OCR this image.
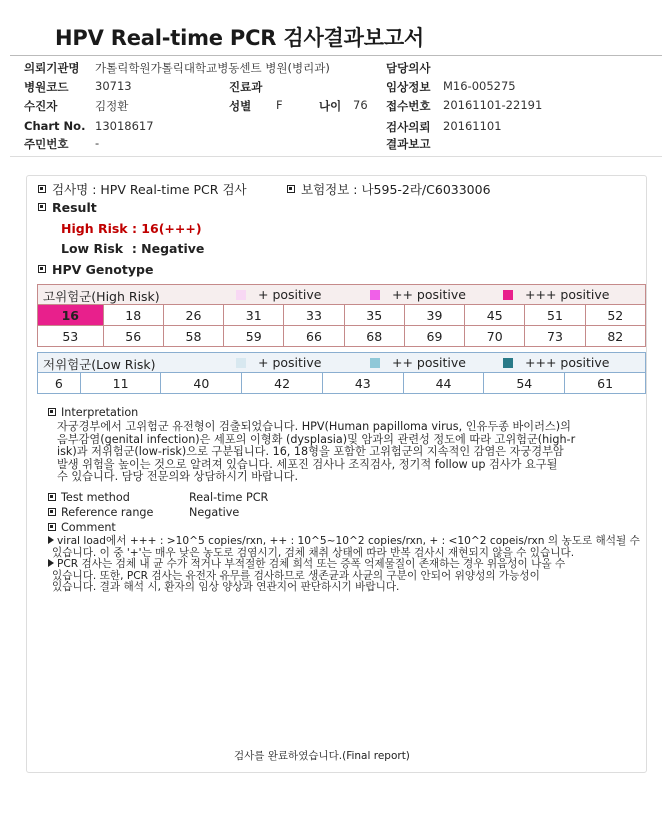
HPV Real-time PCR 검사결과보고서
의뢰기관명 가톨릭학원가톨릭대학교병동센트 병원(병리과)	담당의사
병원코드 30713	진료과	임상정보 M16-005275
수진자	김정환	성별 F	나이 76 접수번호 20161101-22191
Chart No. 13018617	검사의뢰 20161101
주민번호 -	결과보고
검사명 : HPV Real-time PCR 검사	보험정보 : 나595-2라/C6033006
Result
High Risk : 16(+++)
Low Risk  : Negative
HPV Genotype
고위험군(High Risk)	+ positive	++ positive	+++ positive
16	18	26	31	33	35	39	45	51	52
53	56	58	59	66	68	69	70	73	82
저위험군(Low Risk)	+ positive	++ positive	+++ positive
6	11	40	42	43	44	54	61
Interpretation
자궁경부에서 고위험군 유전형이 검출되었습니다. HPV(Human papilloma virus, 인유두종 바이러스)의
음부감염(genital infection)은 세포의 이형화 (dysplasia)및 암과의 관련성 정도에 따라 고위험군(high-r
isk)과 저위험군(low-risk)으로 구분됩니다. 16, 18형을 포함한 고위험군의 지속적인 감염은 자궁경부암
발생 위험을 높이는 것으로 알려져 있습니다. 세포진 검사나 조직검사, 정기적 follow up 검사가 요구될
수 있습니다. 담당 전문의와 상담하시기 바랍니다.
Test method	Real-time PCR
Reference range	Negative
Comment
viral load에서 +++ : >10^5 copies/rxn, ++ : 10^5~10^2 copies/rxn, + : <10^2 copeis/rxn 의 농도로 해석될 수
있습니다. 이 중 '+'는 매우 낮은 농도로 검염시기, 검체 채취 상태에 따라 반복 검사시 재현되지 않을 수 있습니다.
PCR 검사는 검체 내 균 수가 적거나 부적절한 검체 희석 또는 증폭 억제물질이 존재하는 경우 위음성이 나올 수
있습니다. 또한, PCR 검사는 유전자 유무를 검사하므로 생존균과 사균의 구분이 안되어 위양성의 가능성이
있습니다. 결과 해석 시, 환자의 임상 양상과 연관지어 판단하시기 바랍니다.
검사를 완료하였습니다.(Final report)
